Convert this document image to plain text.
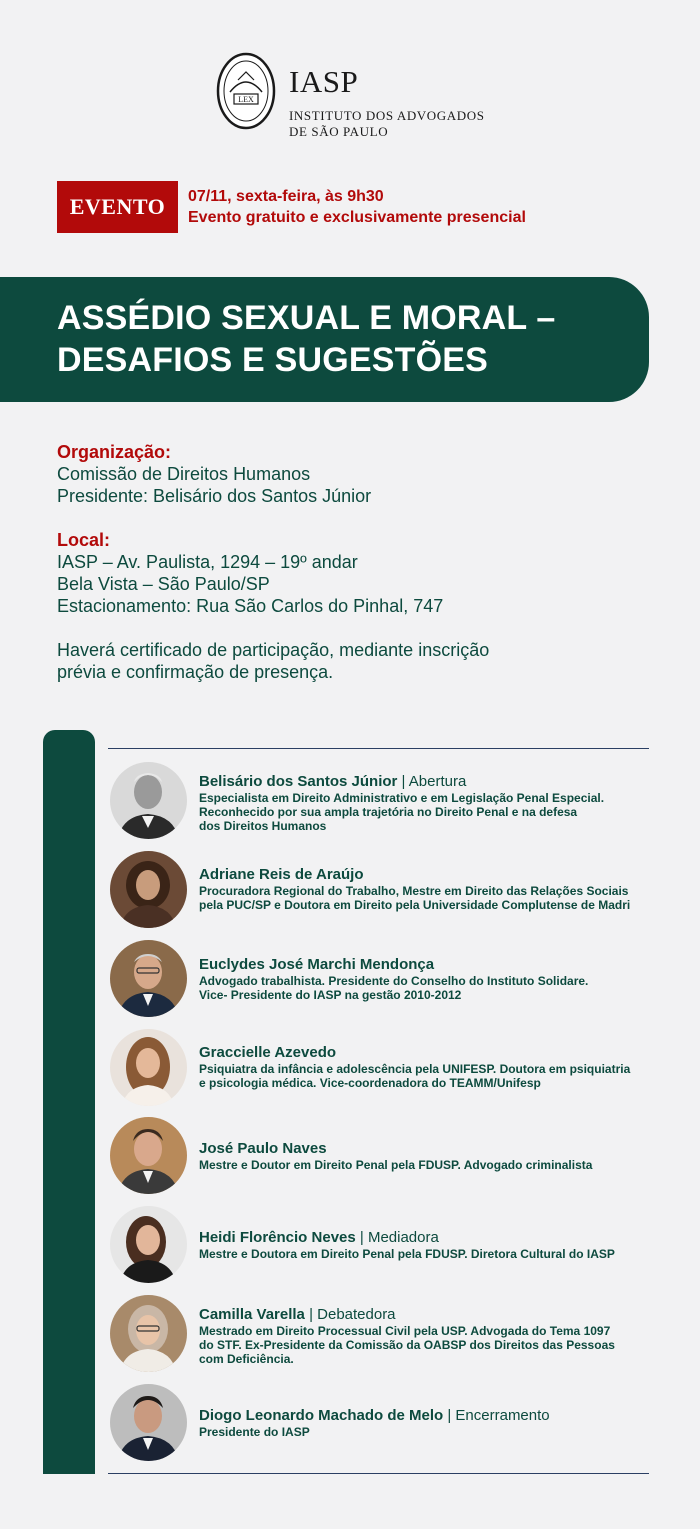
LEX
IASP
INSTITUTO DOS ADVOGADOS
DE SÃO PAULO
EVENTO	07/11, sexta-feira, às 9h30
Evento gratuito e exclusivamente presencial
ASSÉDIO SEXUAL E MORAL –
DESAFIOS E SUGESTÕES
Organização:
Comissão de Direitos Humanos
Presidente: Belisário dos Santos Júnior
Local:
IASP – Av. Paulista, 1294 – 19º andar
Bela Vista – São Paulo/SP
Estacionamento: Rua São Carlos do Pinhal, 747
Haverá certificado de participação, mediante inscrição
prévia e confirmação de presença.
Belisário dos Santos Júnior | Abertura
Especialista em Direito Administrativo e em Legislação Penal Especial.
Reconhecido por sua ampla trajetória no Direito Penal e na defesa
dos Direitos Humanos
Adriane Reis de Araújo
Procuradora Regional do Trabalho, Mestre em Direito das Relações Sociais
pela PUC/SP e Doutora em Direito pela Universidade Complutense de Madri
Euclydes José Marchi Mendonça
Advogado trabalhista. Presidente do Conselho do Instituto Solidare.
Vice- Presidente do IASP na gestão 2010-2012
Graccielle Azevedo
Psiquiatra da infância e adolescência pela UNIFESP. Doutora em psiquiatria
e psicologia médica. Vice-coordenadora do TEAMM/Unifesp
José Paulo Naves
Mestre e Doutor em Direito Penal pela FDUSP. Advogado criminalista
Heidi Florêncio Neves | Mediadora
Mestre e Doutora em Direito Penal pela FDUSP. Diretora Cultural do IASP
Camilla Varella | Debatedora
Mestrado em Direito Processual Civil pela USP. Advogada do Tema 1097
do STF. Ex-Presidente da Comissão da OABSP dos Direitos das Pessoas
com Deficiência.
Diogo Leonardo Machado de Melo | Encerramento
Presidente do IASP
